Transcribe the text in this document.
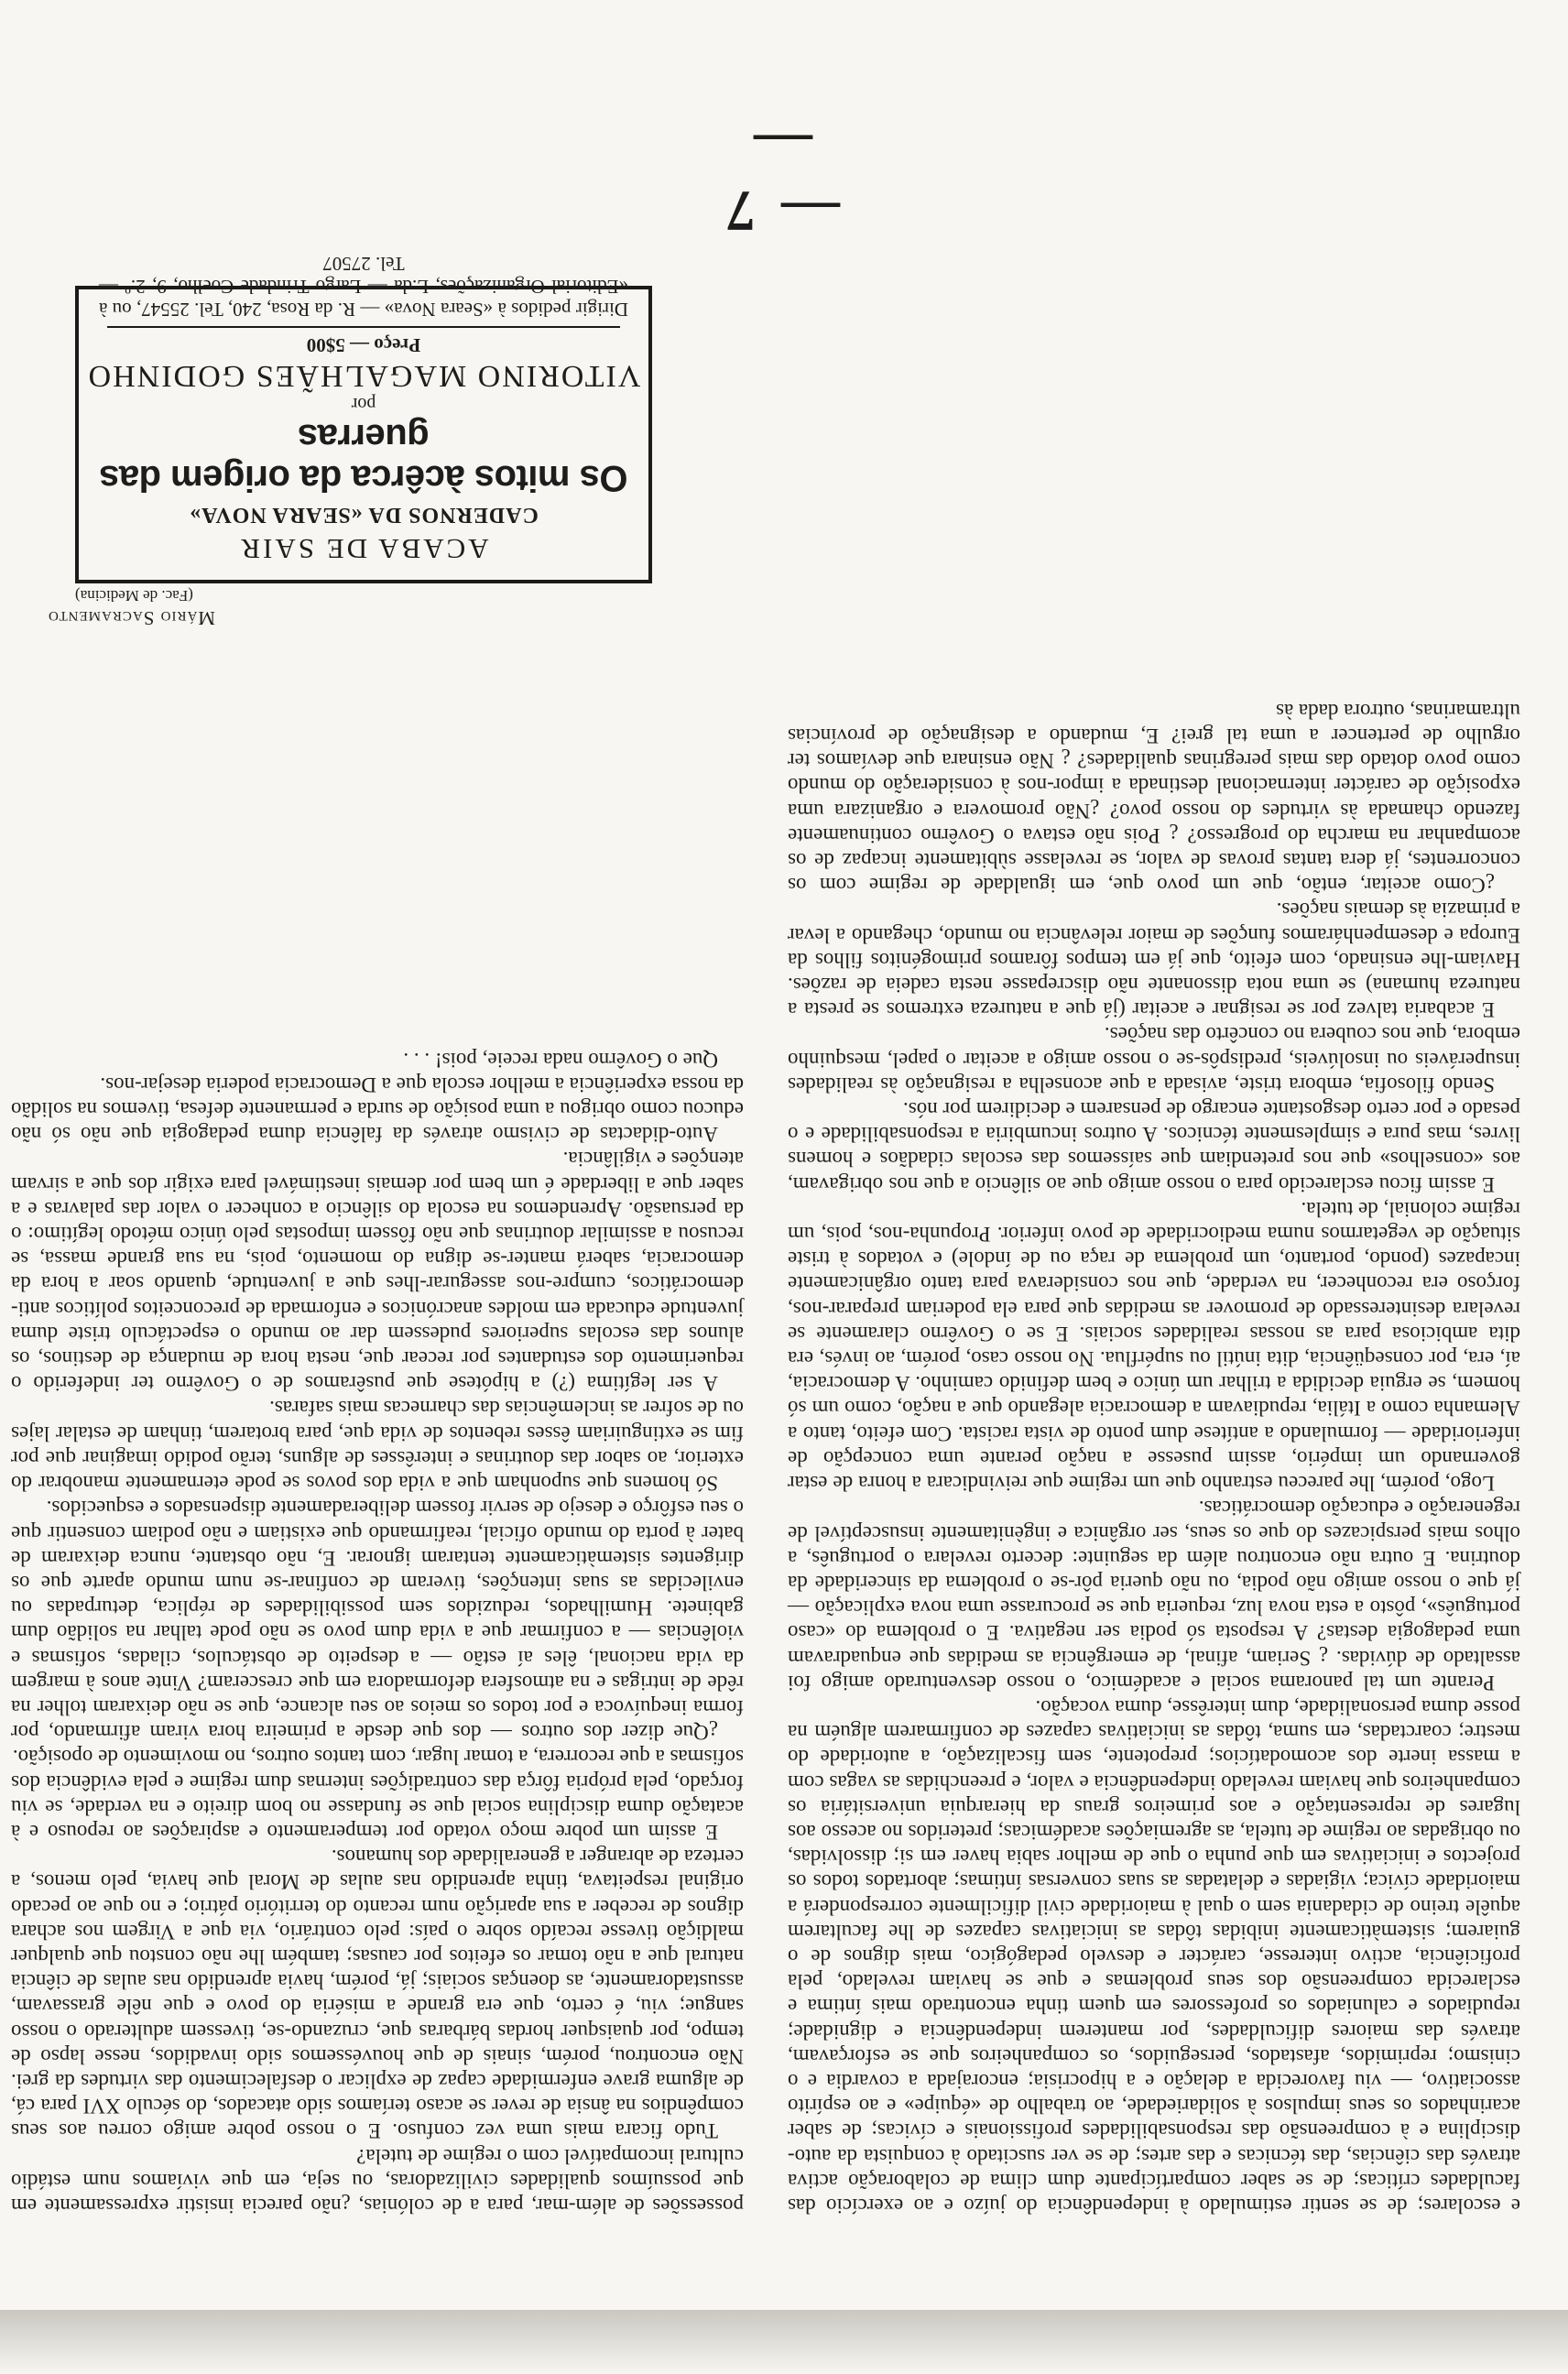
e escolares; de se sentir estimulado à independência do juízo e ao exercício das faculdades críticas; de se saber compartícipante dum clima de colaboração activa através das ciências, das técnicas e das artes; de se ver suscitado à conquista da auto-disciplina e à compreensão das responsabilidades profissionais e cívicas; de saber acarinhados os seus impulsos à solidariedade, ao trabalho de «équipe» e ao espírito associativo, — viu favorecida a delação e a hipocrisia; encorajada a covardia e o cinismo; reprimidos, afastados, perseguidos, os companheiros que se esforçavam, através das maiores dificuldades, por manterem independência e dignidade; repudiados e caluniados os professores em quem tinha encontrado mais íntima e esclarecida compreensão dos seus problemas e que se haviam revelado, pela proficiência, activo interesse, carácter e desvelo pedagógico, mais dignos de o guiarem; sistemàticamente inibidas tôdas as iniciativas capazes de lhe facultarem aquêle treino de cidadania sem o qual à maioridade civil dificilmente corresponderá a maioridade cívica; vigiadas e delatadas as suas conversas íntimas; abortados todos os projectos e iniciativas em que punha o que de melhor sabia haver em si; dissolvidas, ou obrigadas ao regime de tutela, as agremiações académicas; preteridos no acesso aos lugares de representação e aos primeiros graus da hierarquia universitária os companheiros que haviam revelado independência e valor, e preenchidas as vagas com a massa inerte dos acomodatícios; prepotente, sem fiscalização, a autoridade do mestre; coarctadas, em suma, tôdas as iniciativas capazes de confirmarem alguém na posse duma personalidade, dum interêsse, duma vocação.

Perante um tal panorama social e académico, o nosso desventurado amigo foi assaltado de dúvidas. ¿ Seriam, afinal, de emergência as medidas que enquadravam uma pedagogia destas? A resposta só podia ser negativa. E o problema do «caso português», pôsto a esta nova luz, requeria que se procurasse uma nova explicação — já que o nosso amigo não podia, ou não queria pôr-se o problema da sinceridade da doutrina. E outra não encontrou além da seguinte: decerto revelara o português, a olhos mais perspicazes do que os seus, ser orgânica e ingènitamente insusceptível de regeneração e educação democráticas.

Logo, porém, lhe pareceu estranho que um regime que reivindicara a honra de estar governando um império, assim pusesse a nação perante uma concepção de inferioridade — formulando a antítese dum ponto de vista racista. Com efeito, tanto a Alemanha como a Itália, repudiavam a democracia alegando que a nação, como um só homem, se erguia decidida a trilhar um único e bem definido caminho. A democracia, aí, era, por conseqüência, dita inútil ou supérflua. No nosso caso, porém, ao invés, era dita ambiciosa para as nossas realidades sociais. E se o Govêrno claramente se revelara desinteressado de promover as medidas que para ela poderiam preparar-nos, forçoso era reconhecer, na verdade, que nos considerava para tanto orgânicamente incapazes (pondo, portanto, um problema de raça ou de índole) e votados à triste situação de vegetarmos numa mediocridade de povo inferior. Propunha-nos, pois, um regime colonial, de tutela.

E assim ficou esclarecido para o nosso amigo que ao silêncio a que nos obrigavam, aos «conselhos» que nos pretendiam que saíssemos das escolas cidadãos e homens livres, mas pura e simplesmente técnicos. A outros incumbiria a responsabilidade e o pesado e por certo desgostante encargo de pensarem e decidirem por nós.

Sendo filosofia, embora triste, avisada a que aconselha a resignação às realidades insuperáveis ou insolúveis, predispôs-se o nosso amigo a aceitar o papel, mesquinho embora, que nos coubera no concêrto das nações.

E acabaria talvez por se resignar e aceitar (já que a natureza extremos se presta a natureza humana) se uma nota dissonante não discrepasse nesta cadeia de razões. Haviam-lhe ensinado, com efeito, que já em tempos fôramos primogénitos filhos da Europa e desempenháramos funções de maior relevância no mundo, chegando a levar a primazia às demais nações.

¿Como aceitar, então, que um povo que, em igualdade de regime com os concorrentes, já dera tantas provas de valor, se revelasse sùbitamente incapaz de os acompanhar na marcha do progresso? ¿ Pois não estava o Govêrno continuamente fazendo chamada às virtudes do nosso povo? ¿Não promovera e organizara uma exposição de carácter internacional destinada a impor-nos à consideração do mundo como povo dotado das mais peregrinas qualidades? ¿ Não ensinara que devíamos ter orgulho de pertencer a uma tal grei? E, mudando a designação de províncias ultramarinas, outrora dada às

possessões de além-mar, para a de colónias, ¿não parecia insistir expressamente em que possuímos qualidades civilizadoras, ou seja, em que vivíamos num estádio cultural incompatível com o regime de tutela?

Tudo ficara mais uma vez confuso. E o nosso pobre amigo correu aos seus compêndios na ânsia de rever se acaso teríamos sido atacados, do século XVI para cá, de alguma grave enfermidade capaz de explicar o desfalecimento das virtudes da grei. Não encontrou, porém, sinais de que houvéssemos sido invadidos, nesse lapso de tempo, por quaisquer hordas bárbaras que, cruzando-se, tivessem adulterado o nosso sangue; viu, é certo, que era grande a miséria do povo e que nêle grassavam, assustadoramente, as doenças sociais; já, porém, havia aprendido nas aulas de ciência natural que a não tomar os efeitos por causas; também lhe não constou que qualquer maldição tivesse recaído sobre o país: pelo contrário, via que a Virgem nos achara dignos de receber a sua aparição num recanto do território pátrio; e no que ao pecado original respeitava, tinha aprendido nas aulas de Moral que havia, pelo menos, a certeza de abranger a generalidade dos humanos.

E assim um pobre moço votado por temperamento e aspirações ao repouso e à acatação duma disciplina social que se fundasse no bom direito e na verdade, se viu forçado, pela própria fôrça das contradições internas dum regime e pela evidência dos sofismas a que recorrera, a tomar lugar, com tantos outros, no movimento de oposição.

¿Que dizer dos outros — dos que desde a primeira hora viram afirmando, por forma inequívoca e por todos os meios ao seu alcance, que se não deixaram tolher na rêde de intrigas e na atmosfera deformadora em que cresceram? Vinte anos à margem da vida nacional, êles aí estão — a despeito de obstáculos, ciladas, sofismas e violências — a confirmar que a vida dum povo se não pode talhar na solidão dum gabinete. Humilhados, reduzidos sem possibilidades de réplica, deturpadas ou envilecidas as suas intenções, tiveram de confinar-se num mundo aparte que os dirigentes sistemàticamente tentaram ignorar. E, não obstante, nunca deixaram de bater à porta do mundo oficial, reafirmando que existiam e não podiam consentir que o seu esfôrço e desejo de servir fossem deliberadamente dispensados e esquecidos.

Só homens que suponham que a vida dos povos se pode eternamente manobrar do exterior, ao sabor das doutrinas e interêsses de alguns, terão podido imaginar que por fim se extinguiriam êsses rebentos de vida que, para brotarem, tinham de estalar lajes ou de sofrer as inclemências das charnecas mais safaras.

A ser legítima (?) a hipótese que pusêramos de o Govêrno ter indeferido o requerimento dos estudantes por recear que, nesta hora de mudança de destinos, os alunos das escolas superiores pudessem dar ao mundo o espectáculo triste duma juventude educada em moldes anacrónicos e enformada de preconceitos políticos anti-democráticos, cumpre-nos assegurar-lhes que a juventude, quando soar a hora da democracia, saberá manter-se digna do momento, pois, na sua grande massa, se recusou a assimilar doutrinas que não fôssem impostas pelo único método legítimo: o da persuasão. Aprendemos na escola do silêncio a conhecer o valor das palavras e a saber que a liberdade é um bem por demais inestimável para exigir dos que a sirvam atenções e vigilância.

Auto-didactas de civismo através da falência duma pedagogia que não só não educou como obrigou a uma posição de surda e permanente defesa, tivemos na solidão da nossa experiência a melhor escola que a Democracia poderia desejar-nos.

Que o Govêrno nada receie, pois! . . .

Mário Sacramento
(Fac. de Medicina)
ACABA DE SAIR
CADERNOS DA «SEARA NOVA»
Os mitos àcêrca da origem das guerras
por
VITORINO MAGALHÃES GODINHO
Preço — 5$00
Dirigir pedidos à «Seara Nova» — R. da Rosa, 240, Tel. 25547, ou à «Editorial Organizações, L.da — Largo Trindade Coelho, 9, 2.º — Tel. 27507
— 7 —
